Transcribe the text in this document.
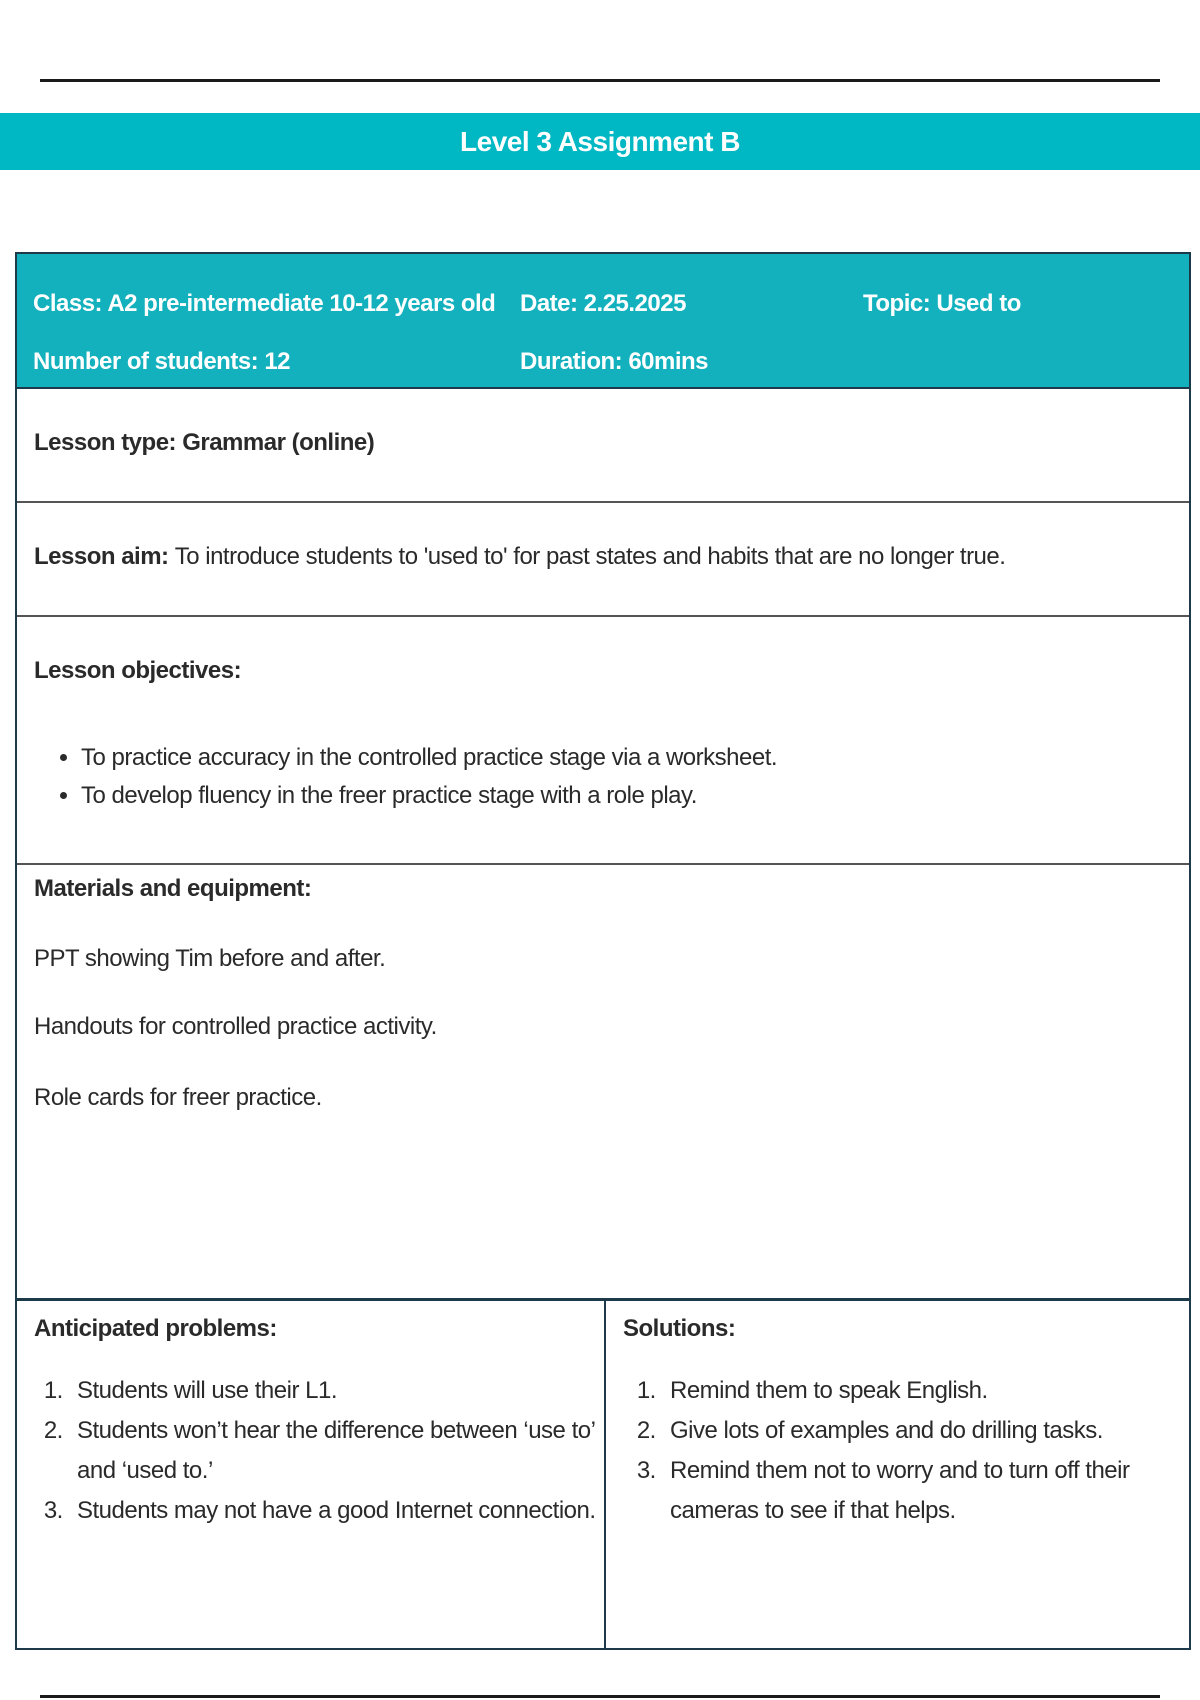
Level 3 Assignment B
Class: A2 pre-intermediate 10-12 years old Date: 2.25.2025	Topic: Used to
Number of students: 12	Duration: 60mins
Lesson type: Grammar (online)
Lesson aim: To introduce students to 'used to' for past states and habits that are no longer true.
Lesson objectives:
• To practice accuracy in the controlled practice stage via a worksheet.
• To develop fluency in the freer practice stage with a role play.
Materials and equipment:
PPT showing Tim before and after.
Handouts for controlled practice activity.
Role cards for freer practice.
Anticipated problems:
1. Students will use their L1.
2. Students won’t hear the difference between ‘use to’ and ‘used to.’
3. Students may not have a good Internet connection.
Solutions:
1. Remind them to speak English.
2. Give lots of examples and do drilling tasks.
3. Remind them not to worry and to turn off their cameras to see if that helps.
